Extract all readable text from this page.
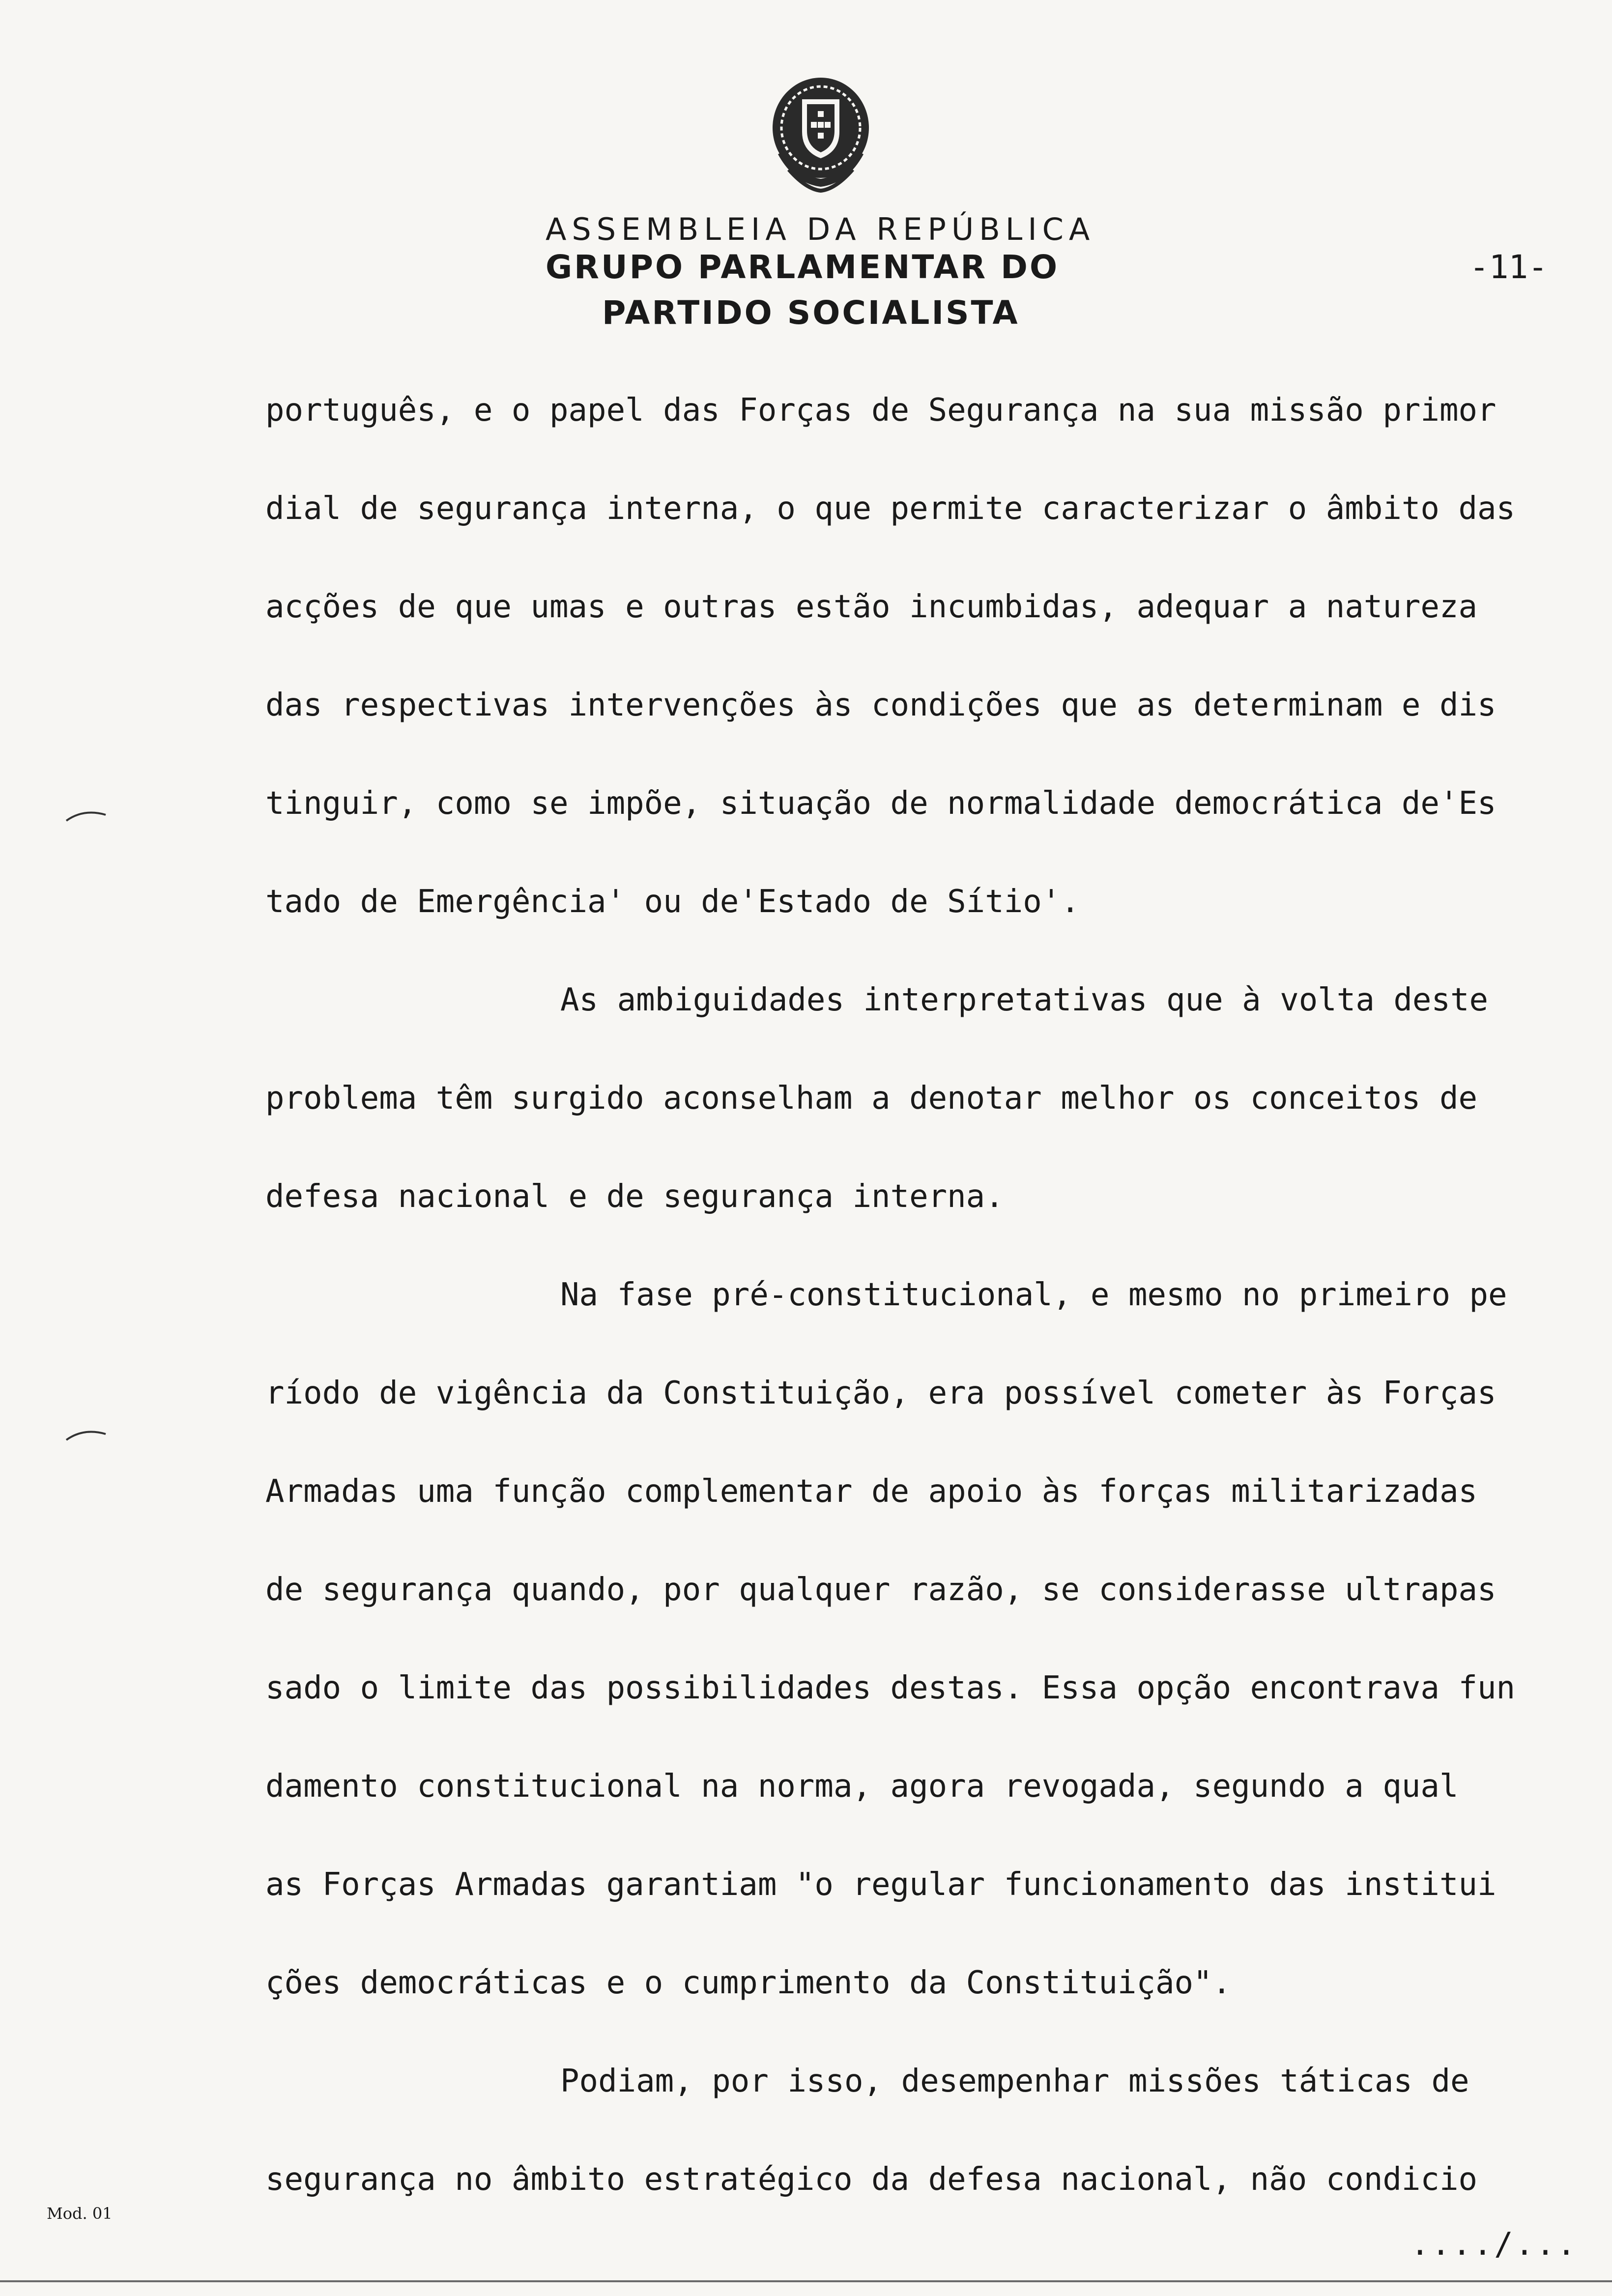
ASSEMBLEIA DA REPÚBLICA
GRUPO PARLAMENTAR DO
PARTIDO SOCIALISTA
-11-
português, e o papel das Forças de Segurança na sua missão primor
dial de segurança interna, o que permite caracterizar o âmbito das
acções de que umas e outras estão incumbidas, adequar a natureza
das respectivas intervenções às condições que as determinam e dis
tinguir, como se impõe, situação de normalidade democrática de'Es
tado de Emergência' ou de'Estado de Sítio'.
As ambiguidades interpretativas que à volta deste
problema têm surgido aconselham a denotar melhor os conceitos de
defesa nacional e de segurança interna.
Na fase pré-constitucional, e mesmo no primeiro pe
ríodo de vigência da Constituição, era possível cometer às Forças
Armadas uma função complementar de apoio às forças militarizadas
de segurança quando, por qualquer razão, se considerasse ultrapas
sado o limite das possibilidades destas. Essa opção encontrava fun
damento constitucional na norma, agora revogada, segundo a qual
as Forças Armadas garantiam "o regular funcionamento das institui
ções democráticas e o cumprimento da Constituição".
Podiam, por isso, desempenhar missões táticas de
segurança no âmbito estratégico da defesa nacional, não condicio
Mod. 01
..../...
